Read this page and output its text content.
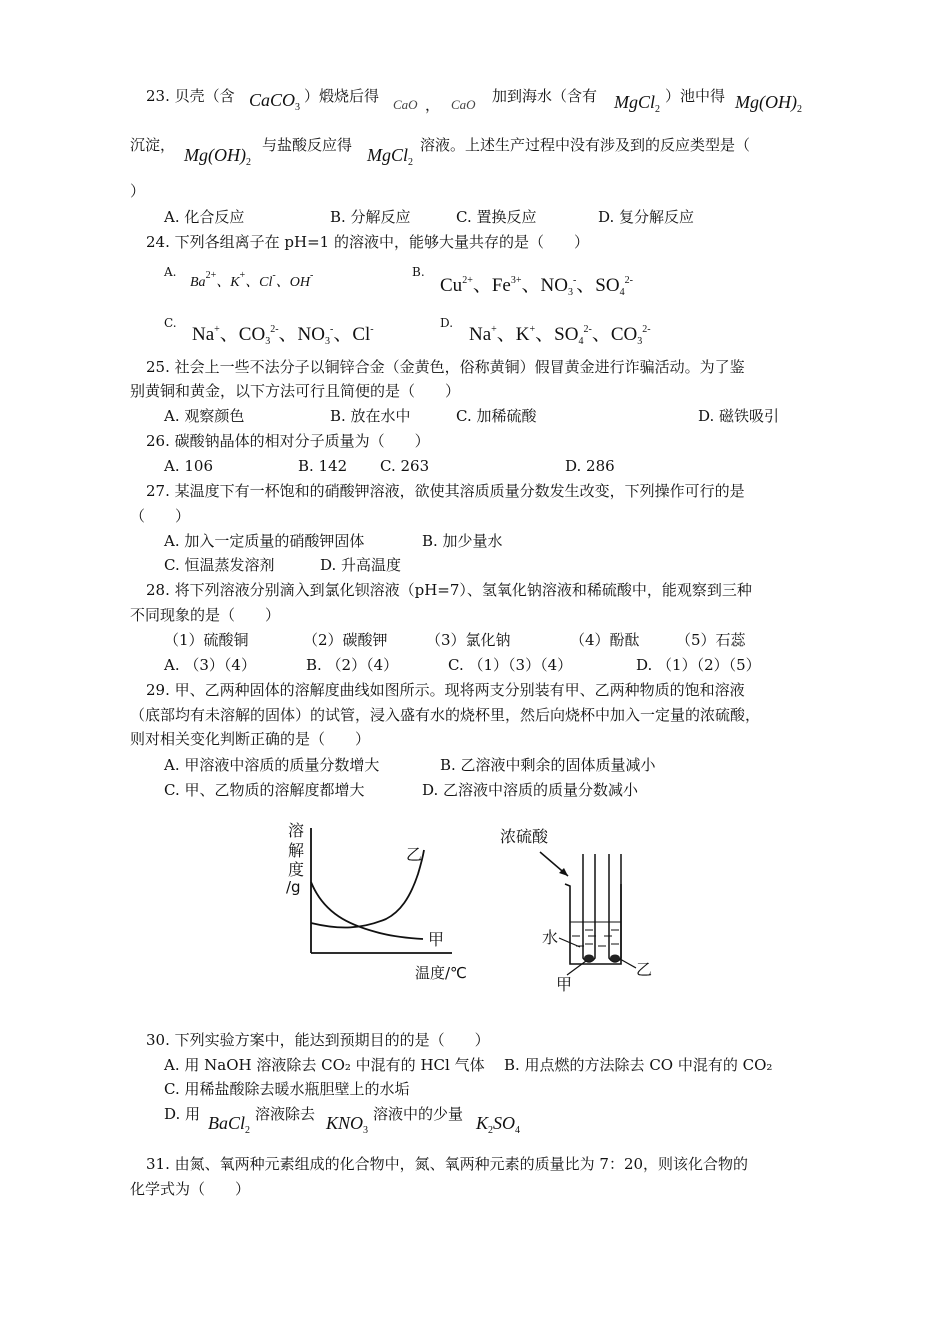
23. 贝壳（含 CaCO$_3$
）煅烧后得 CaO ， CaO 加到海水（含有 MgCl$_2$
）池中得 $Mg(OH)_2$
沉淀， $Mg(OH)_2$
与盐酸反应得 MgCl$_2$
溶液。上述生产过程中没有涉及到的反应类型是（
）
A. 化合反应	B. 分解反应	C. 置换反应	D. 复分解反应
24. 下列各组离子在 pH=1 的溶液中，能够大量共存的是（　　）
A.
$Ba^{2+}$、K+、Cl-、OH-	B.
$Cu^{2+}$、$Fe^{3+}$、$NO_3^-$、$SO_4^{2-}$
C.
Na+、$CO_3^{2-}$、$NO_3^-$、Cl-	D.
Na+、K+、$SO_4^{2-}$、$CO_3^{2-}$
25. 社会上一些不法分子以铜锌合金（金黄色，俗称黄铜）假冒黄金进行诈骗活动。为了鉴
别黄铜和黄金，以下方法可行且简便的是（　　）
A. 观察颜色	B. 放在水中	C. 加稀硫酸	D. 磁铁吸引
26. 碳酸钠晶体的相对分子质量为（　　）
A. 106	B. 142 C. 263	D. 286
27. 某温度下有一杯饱和的硝酸钾溶液，欲使其溶质质量分数发生改变，下列操作可行的是
（　　）
A. 加入一定质量的硝酸钾固体	B. 加少量水
C. 恒温蒸发溶剂	D. 升高温度
28. 将下列溶液分别滴入到氯化钡溶液（pH=7）、氢氧化钠溶液和稀硫酸中，能观察到三种
不同现象的是（　　）
（1）硫酸铜	（2）碳酸钾	（3）氯化钠	（4）酚酞 （5）石蕊
A. （3）（4）	B. （2）（4）	C. （1）（3）（4）	D. （1）（2）（5）
29. 甲、乙两种固体的溶解度曲线如图所示。现将两支分别装有甲、乙两种物质的饱和溶液
（底部均有未溶解的固体）的试管，浸入盛有水的烧杯里，然后向烧杯中加入一定量的浓硫酸，
则对相关变化判断正确的是（　　）
A. 甲溶液中溶质的质量分数增大	B. 乙溶液中剩余的固体质量减小
C. 甲、乙物质的溶解度都增大	D. 乙溶液中溶质的质量分数减小
溶
解
度
/g
乙
甲
温度/℃
浓硫酸
水
乙
甲
30. 下列实验方案中，能达到预期目的的是（　　）
A. 用 NaOH 溶液除去 CO₂ 中混有的 HCl 气体 B. 用点燃的方法除去 CO 中混有的 CO₂
C. 用稀盐酸除去暖水瓶胆壁上的水垢
D. 用 BaCl$_2$
溶液除去 $KNO_3$
溶液中的少量 $K_2SO_4$
31. 由氮、氧两种元素组成的化合物中，氮、氧两种元素的质量比为 7：20，则该化合物的
化学式为（　　）
